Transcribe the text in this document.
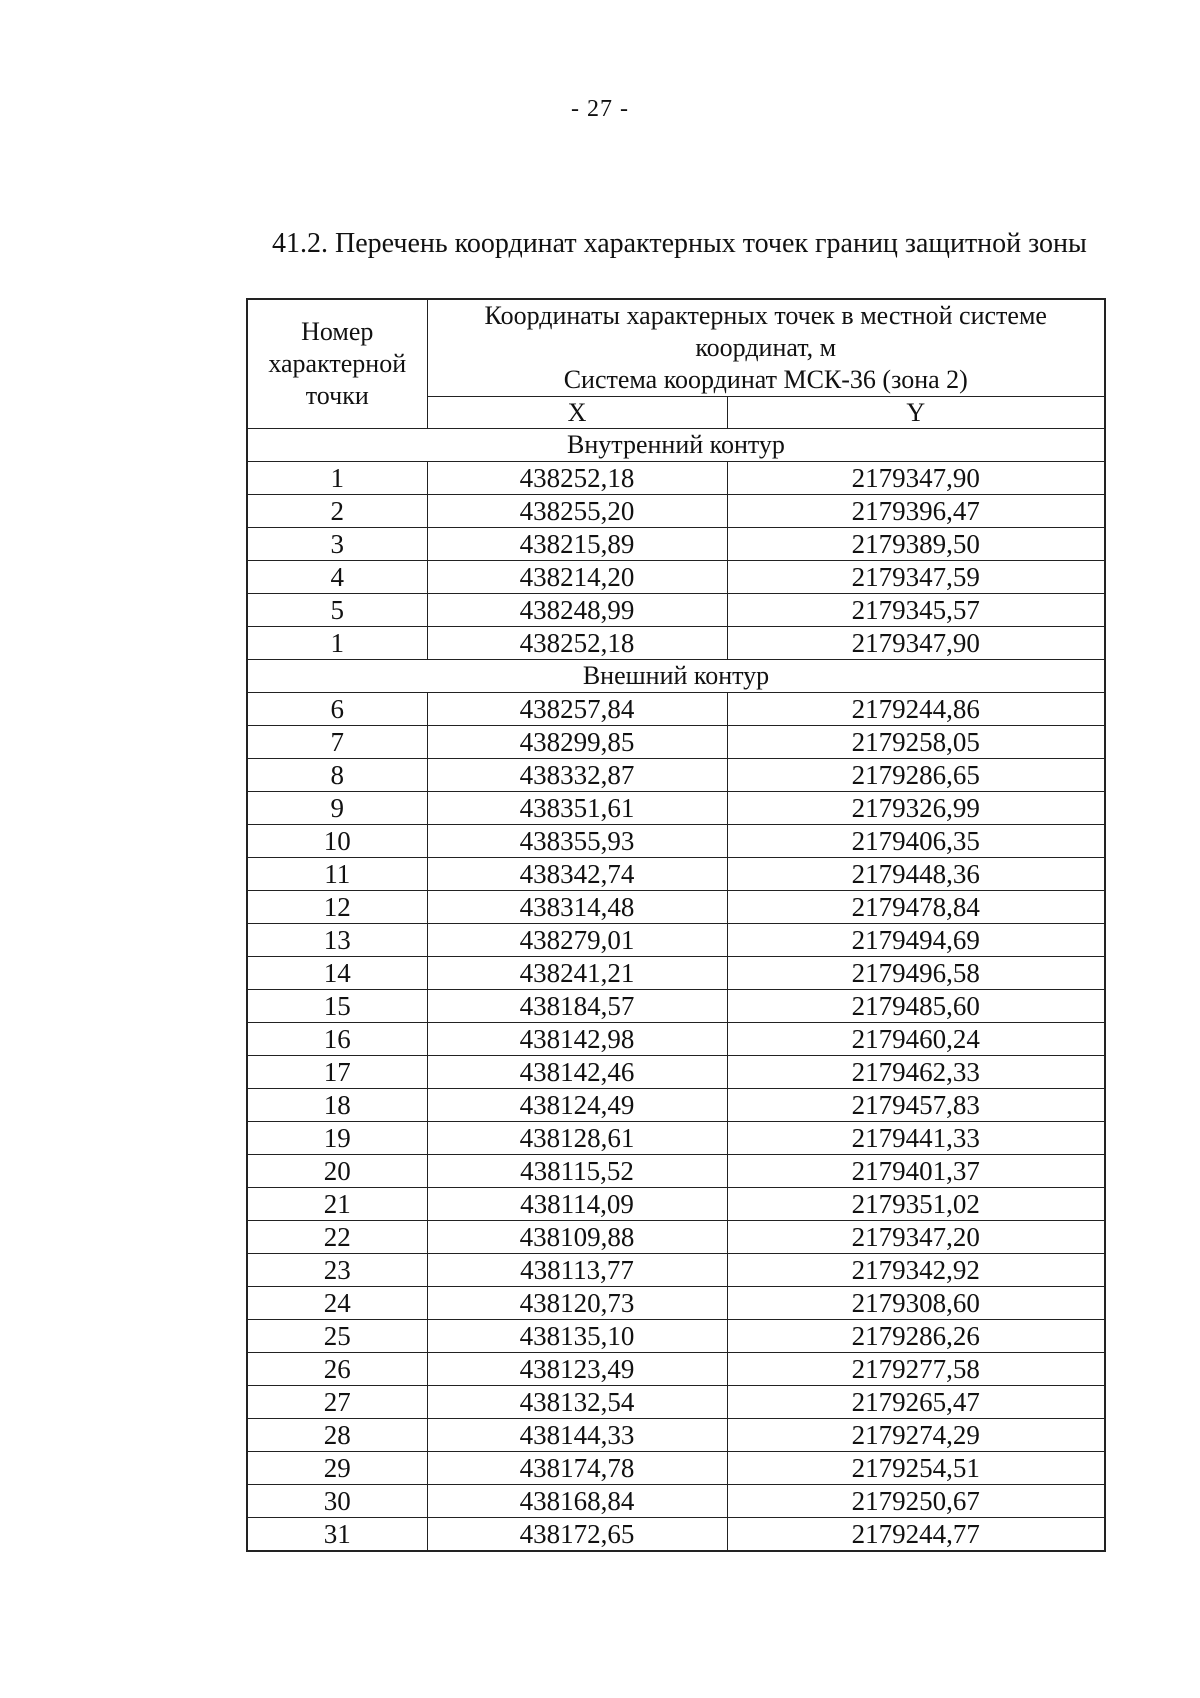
- 27 -
41.2. Перечень координат характерных точек границ защитной зоны
Номер характерной точки	Координаты характерных точек в местной системе
координат, м
Система координат МСК-36 (зона 2)	

	X	Y
Внутренний контур		
1	438252,18	2179347,90
2	438255,20	2179396,47
3	438215,89	2179389,50
4	438214,20	2179347,59
5	438248,99	2179345,57
1	438252,18	2179347,90
Внешний контур		
6	438257,84	2179244,86
7	438299,85	2179258,05
8	438332,87	2179286,65
9	438351,61	2179326,99
10	438355,93	2179406,35
11	438342,74	2179448,36
12	438314,48	2179478,84
13	438279,01	2179494,69
14	438241,21	2179496,58
15	438184,57	2179485,60
16	438142,98	2179460,24
17	438142,46	2179462,33
18	438124,49	2179457,83
19	438128,61	2179441,33
20	438115,52	2179401,37
21	438114,09	2179351,02
22	438109,88	2179347,20
23	438113,77	2179342,92
24	438120,73	2179308,60
25	438135,10	2179286,26
26	438123,49	2179277,58
27	438132,54	2179265,47
28	438144,33	2179274,29
29	438174,78	2179254,51
30	438168,84	2179250,67
31	438172,65	2179244,77
